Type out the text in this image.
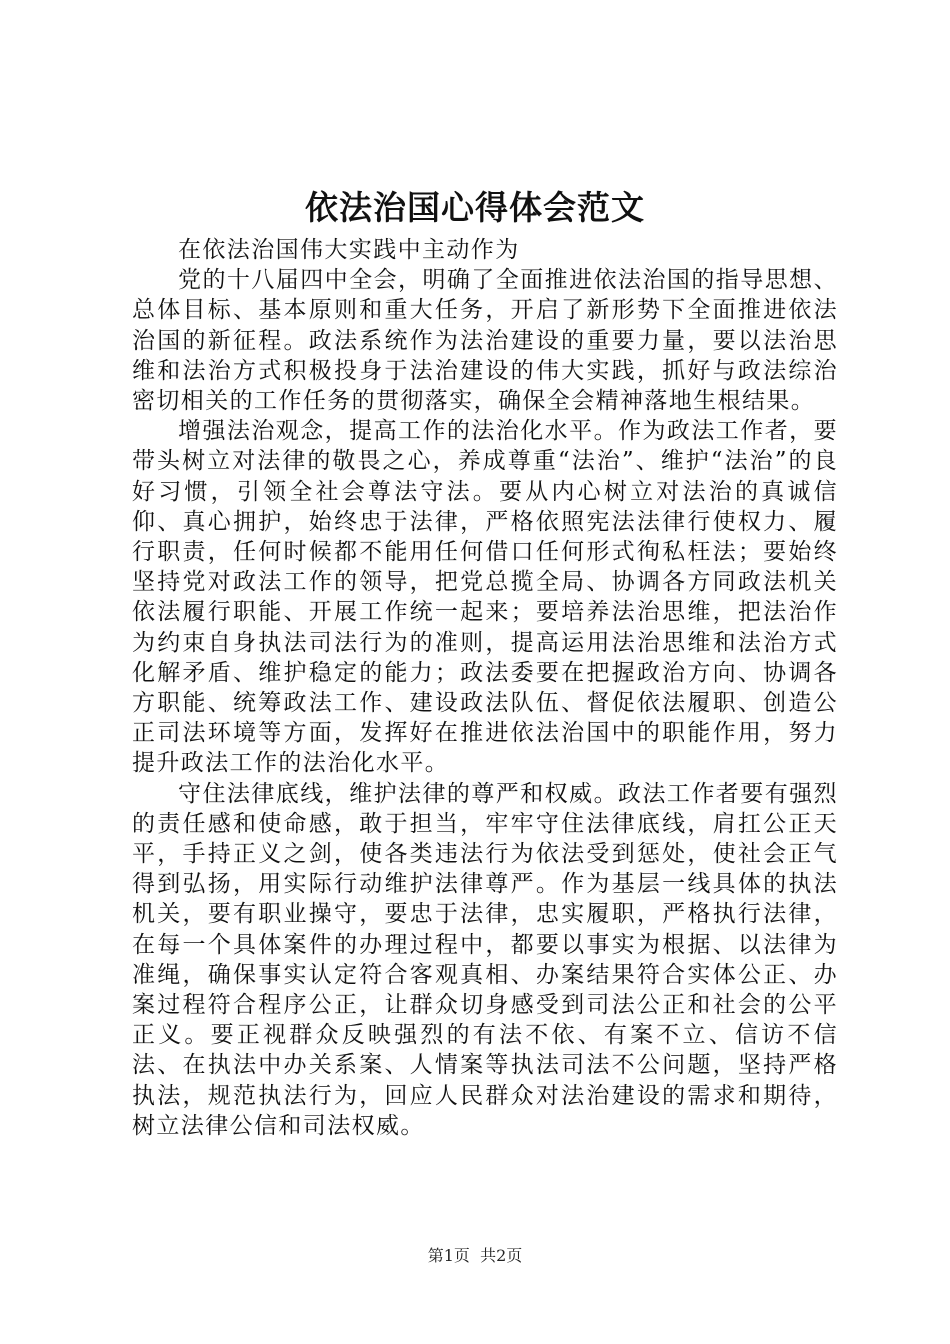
依法治国心得体会范文

在依法治国伟大实践中主动作为

党的十八届四中全会，明确了全面推进依法治国的指导思想、总体目标、基本原则和重大任务，开启了新形势下全面推进依法治国的新征程。政法系统作为法治建设的重要力量，要以法治思维和法治方式积极投身于法治建设的伟大实践，抓好与政法综治密切相关的工作任务的贯彻落实，确保全会精神落地生根结果。

增强法治观念，提高工作的法治化水平。作为政法工作者，要带头树立对法律的敬畏之心，养成尊重“法治”、维护“法治”的良好习惯，引领全社会尊法守法。要从内心树立对法治的真诚信仰、真心拥护，始终忠于法律，严格依照宪法法律行使权力、履行职责，任何时候都不能用任何借口任何形式徇私枉法；要始终坚持党对政法工作的领导，把党总揽全局、协调各方同政法机关依法履行职能、开展工作统一起来；要培养法治思维，把法治作为约束自身执法司法行为的准则，提高运用法治思维和法治方式化解矛盾、维护稳定的能力；政法委要在把握政治方向、协调各方职能、统筹政法工作、建设政法队伍、督促依法履职、创造公正司法环境等方面，发挥好在推进依法治国中的职能作用，努力提升政法工作的法治化水平。

守住法律底线，维护法律的尊严和权威。政法工作者要有强烈的责任感和使命感，敢于担当，牢牢守住法律底线，肩扛公正天平，手持正义之剑，使各类违法行为依法受到惩处，使社会正气得到弘扬，用实际行动维护法律尊严。作为基层一线具体的执法机关，要有职业操守，要忠于法律，忠实履职，严格执行法律，在每一个具体案件的办理过程中，都要以事实为根据、以法律为准绳，确保事实认定符合客观真相、办案结果符合实体公正、办案过程符合程序公正，让群众切身感受到司法公正和社会的公平正义。要正视群众反映强烈的有法不依、有案不立、信访不信法、在执法中办关系案、人情案等执法司法不公问题，坚持严格执法，规范执法行为，回应人民群众对法治建设的需求和期待，树立法律公信和司法权威。

第1页 共2页
